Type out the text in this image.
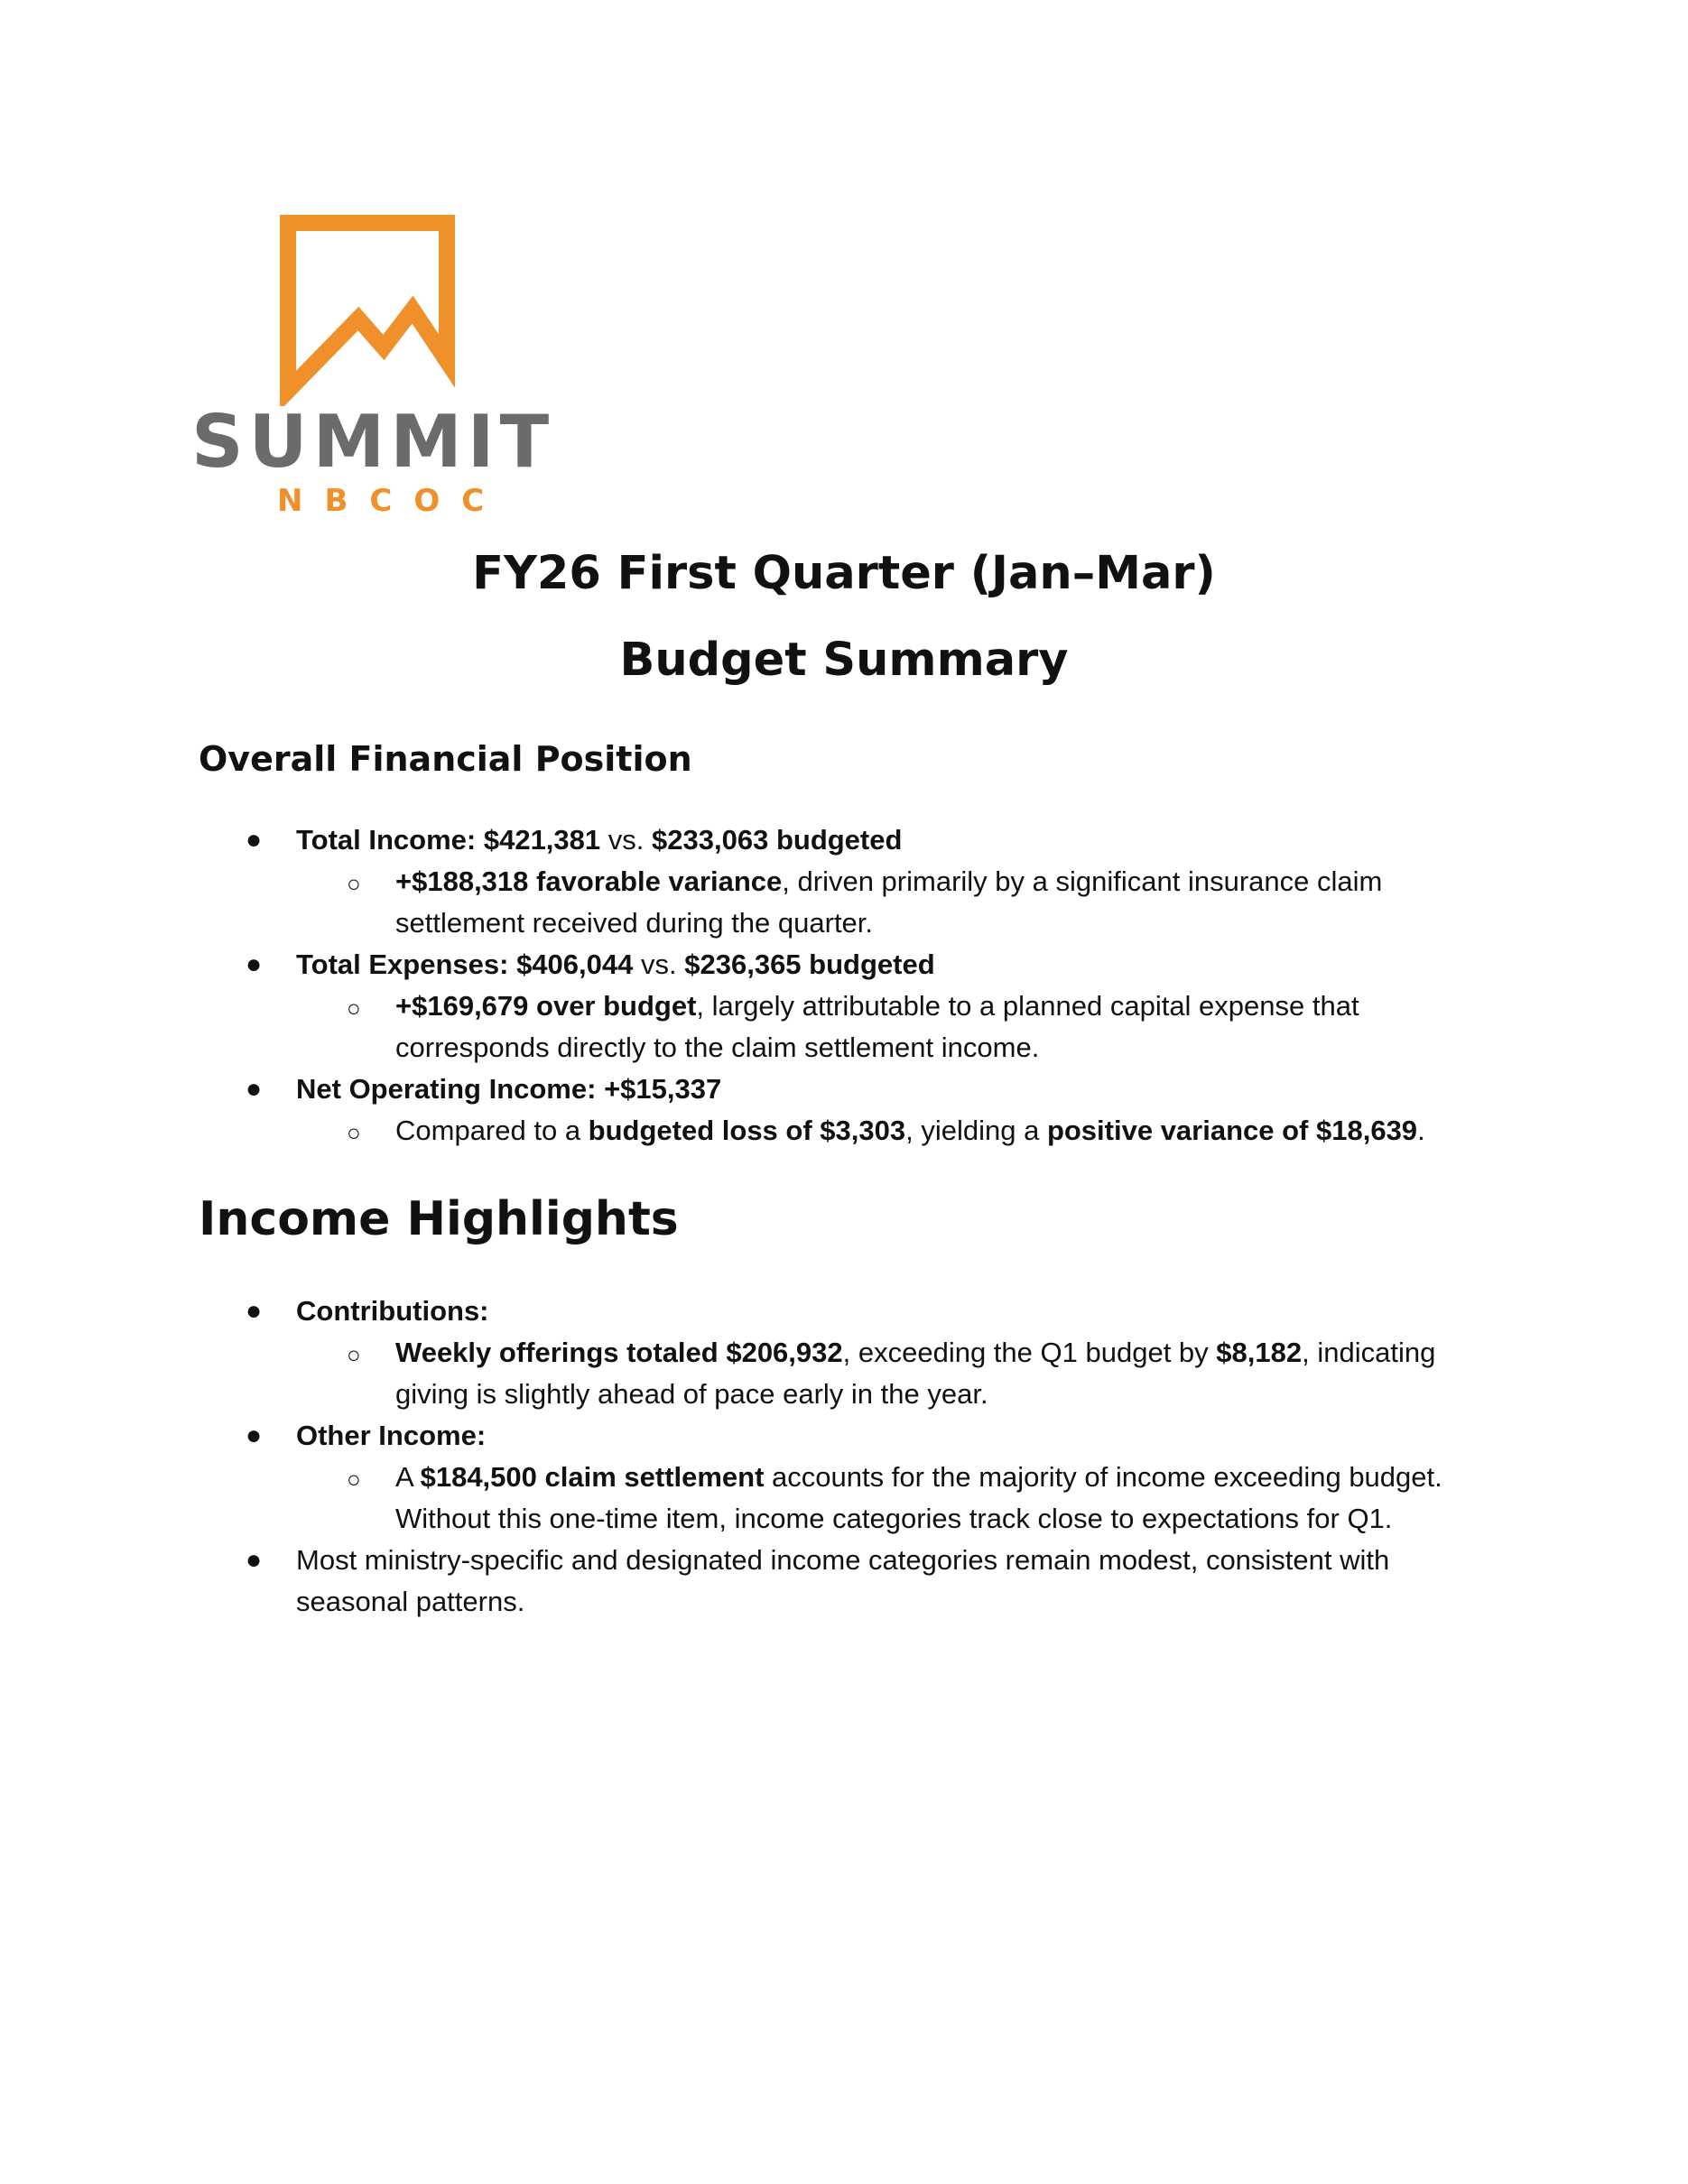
SUMMIT
NBCOC
FY26 First Quarter (Jan–Mar)
Budget Summary
Overall Financial Position
● Total Income: $421,381 vs. $233,063 budgeted
○ +$188,318 favorable variance, driven primarily by a significant insurance claim settlement received during the quarter.
● Total Expenses: $406,044 vs. $236,365 budgeted
○ +$169,679 over budget, largely attributable to a planned capital expense that corresponds directly to the claim settlement income.
● Net Operating Income: +$15,337
○ Compared to a budgeted loss of $3,303, yielding a positive variance of $18,639.
Income Highlights
● Contributions:
○ Weekly offerings totaled $206,932, exceeding the Q1 budget by $8,182, indicating giving is slightly ahead of pace early in the year.
● Other Income:
○ A $184,500 claim settlement accounts for the majority of income exceeding budget. Without this one-time item, income categories track close to expectations for Q1.
● Most ministry-specific and designated income categories remain modest, consistent with seasonal patterns.
